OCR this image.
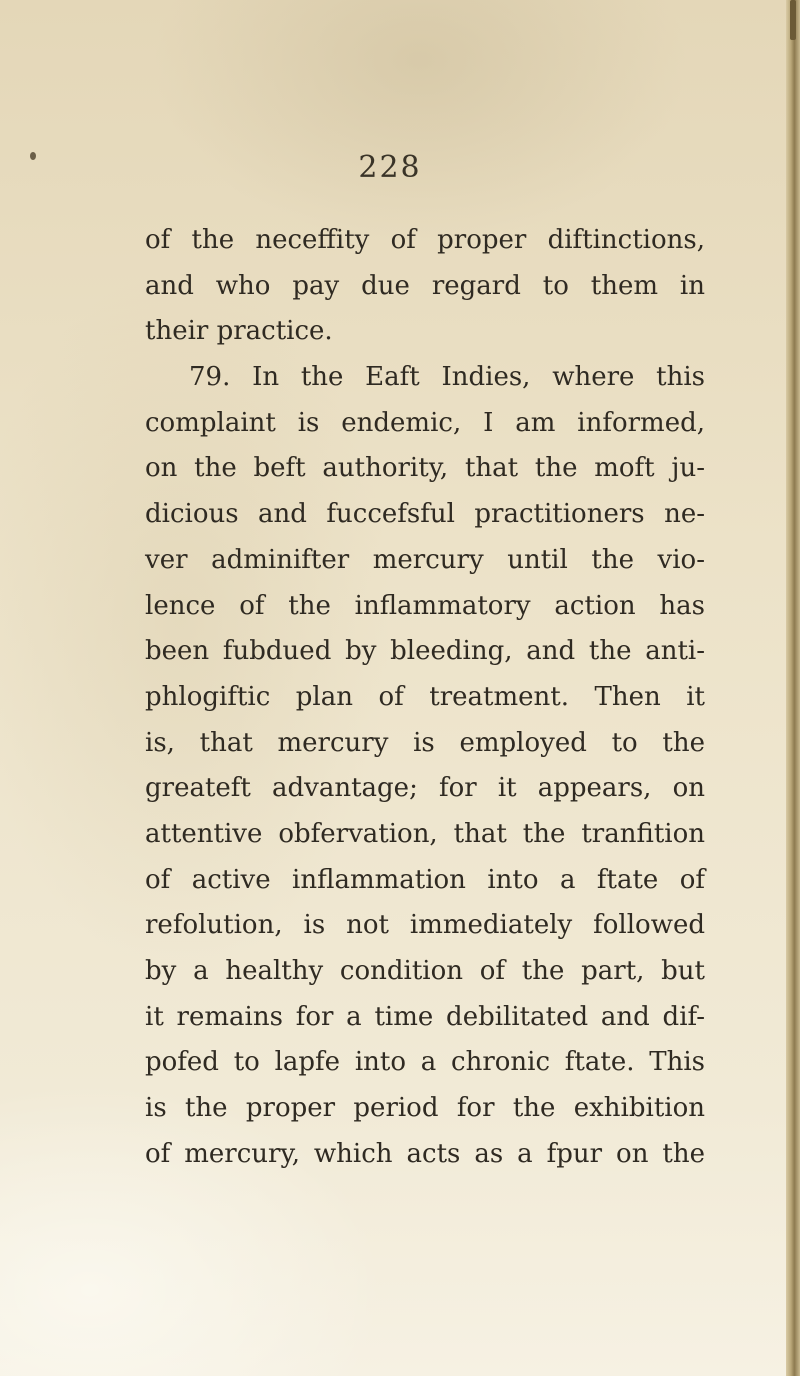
228
of the neceffity of proper diftinctions,
and who pay due regard to them in
their practice.
79. In the Eaft Indies, where this
complaint is endemic, I am informed,
on the beft authority, that the moft ju-
dicious and fuccefsful practitioners ne-
ver adminifter mercury until the vio-
lence of the inflammatory action has
been fubdued by bleeding, and the anti-
phlogiftic plan of treatment. Then it
is, that mercury is employed to the
greateft advantage; for it appears, on
attentive obfervation, that the tranfition
of active inflammation into a ftate of
refolution, is not immediately followed
by a healthy condition of the part, but
it remains for a time debilitated and dif-
pofed to lapfe into a chronic ftate. This
is the proper period for the exhibition
of mercury, which acts as a fpur on the
